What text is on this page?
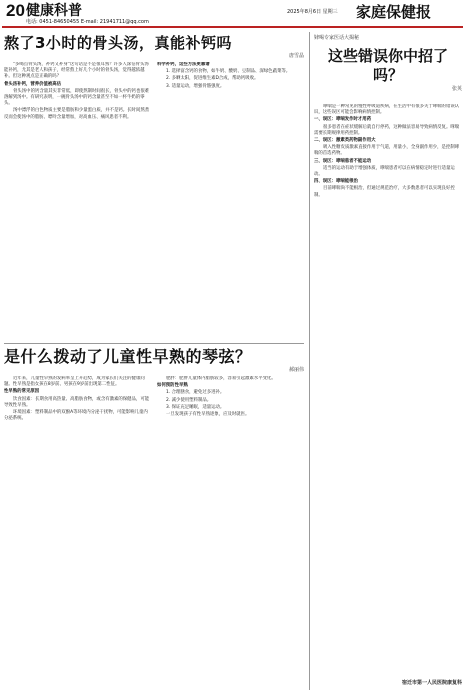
20 健康科普
电话: 0451-84650455 E-mail: 21941711@qq.com
2025年8月6日 星期三 家庭保健报
熬了3小时的骨头汤，真能补钙吗
唐雪晶

"多喝点骨头汤，补钙又补身"这句话是不是很耳熟？许多人深信骨头汤能补钙，尤其是老人和孩子，经常熬上好几个小时的骨头汤，觉得越浓越补。但这种观点是正确的吗？

骨头汤补钙，营养价值被高估

骨头汤中的钙含量其实非常低，即使熬制时间很长，骨头中的钙也很难溶解到汤中。有研究表明，一碗骨头汤中的钙含量甚至不如一杯牛奶的零头。

汤中漂浮的白色物质主要是脂肪和少量蛋白质，并不是钙。长时间熬煮反而会使汤中的脂肪、嘌呤含量增加，对高血压、痛风患者不利。

科学补钙，这些方法更靠谱

1. 选择富含钙的食物，如牛奶、酸奶、豆制品、深绿色蔬菜等。

2. 多晒太阳，促进维生素D合成，帮助钙吸收。

3. 适量运动，增强骨骼强度。

是什么拨动了儿童性早熟的琴弦？
郝丽伟

近年来，儿童性早熟的发病率呈上升趋势，成为家长们关注的健康问题。性早熟是指女孩在8岁前、男孩在9岁前出现第二性征。

性早熟的常见原因

饮食因素：长期食用高热量、高脂肪食物，或含有激素的保健品，可能导致性早熟。

环境因素：塑料制品中的双酚A等环境内分泌干扰物，可能影响儿童内分泌系统。

肥胖：肥胖儿童体内脂肪较多，容易引起激素水平变化。

如何预防性早熟

1. 合理膳食，避免过多进补。

2. 减少使用塑料制品。

3. 保证充足睡眠，适量运动。

一旦发现孩子有性早熟迹象，应及时就医。

肄喝专家医话大揭秘
这些错误你中招了吗？
张英

哮喘是一种常见的慢性呼吸道疾病，在生活中有很多关于哮喘的错误认识，这些误区可能会影响病情控制。

一、误区：哮喘发作时才用药

很多患者在症状缓解后就自行停药，这种做法容易导致病情反复。哮喘需要长期规律用药控制。

二、误区：激素类药物副作用大

吸入性糖皮质激素直接作用于气道，用量小，全身副作用少，是控制哮喘的首选药物。

三、误区：哮喘患者不能运动

适当的运动有助于增强体质，哮喘患者可以在病情稳定时进行适量运动。

四、误区：哮喘能根治

目前哮喘尚不能根治，但通过规范治疗，大多数患者可以实现良好控制。

宿迁市第一人民医院康复科
